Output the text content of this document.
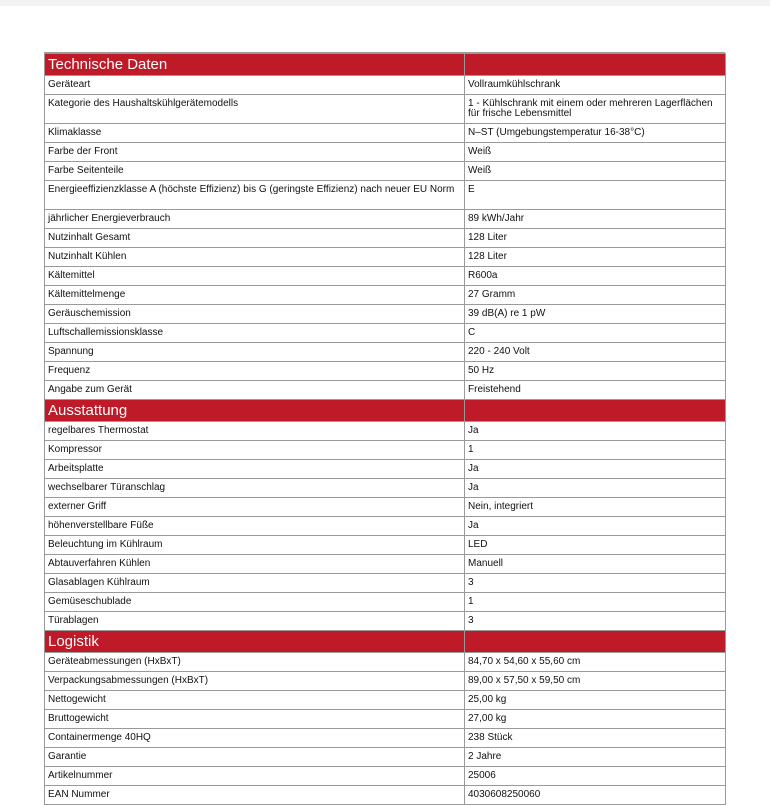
Technische Daten	
Gerätеart	Vollraumkühlschrank
Kategorie des Haushaltskühlgerätemodells	1 - Kühlschrank mit einem oder mehreren Lagerflächen für frische Lebensmittel
Klimaklasse	N–ST (Umgebungstemperatur 16-38°C)
Farbe der Front	Weiß
Farbe Seitenteile	Weiß
Energieeffizienzklasse A (höchste Effizienz) bis G (geringste Effizienz) nach neuer EU Norm	E
jährlicher Energieverbrauch	89 kWh/Jahr
Nutzinhalt Gesamt	128 Liter
Nutzinhalt Kühlen	128 Liter
Kältemittel	R600a
Kältemittelmenge	27 Gramm
Geräuschemission	39 dB(A) re 1 pW
Luftschallemissionsklasse	C
Spannung	220 - 240 Volt
Frequenz	50 Hz
Angabe zum Gerät	Freistehend
Ausstattung	
regelbares Thermostat	Ja
Kompressor	1
Arbeitsplatte	Ja
wechselbarer Türanschlag	Ja
externer Griff	Nein, integriert
höhenverstellbare Füße	Ja
Beleuchtung im Kühlraum	LED
Abtauverfahren Kühlen	Manuell
Glasablagen Kühlraum	3
Gemüseschublade	1
Türablagen	3
Logistik	
Geräteabmessungen (HxBxT)	84,70 x 54,60 x 55,60 cm
Verpackungsabmessungen (HxBxT)	89,00 x 57,50 x 59,50 cm
Nettogewicht	25,00 kg
Bruttogewicht	27,00 kg
Containermenge 40HQ	238 Stück
Garantie	2 Jahre
Artikelnummer	25006
EAN Nummer	4030608250060
